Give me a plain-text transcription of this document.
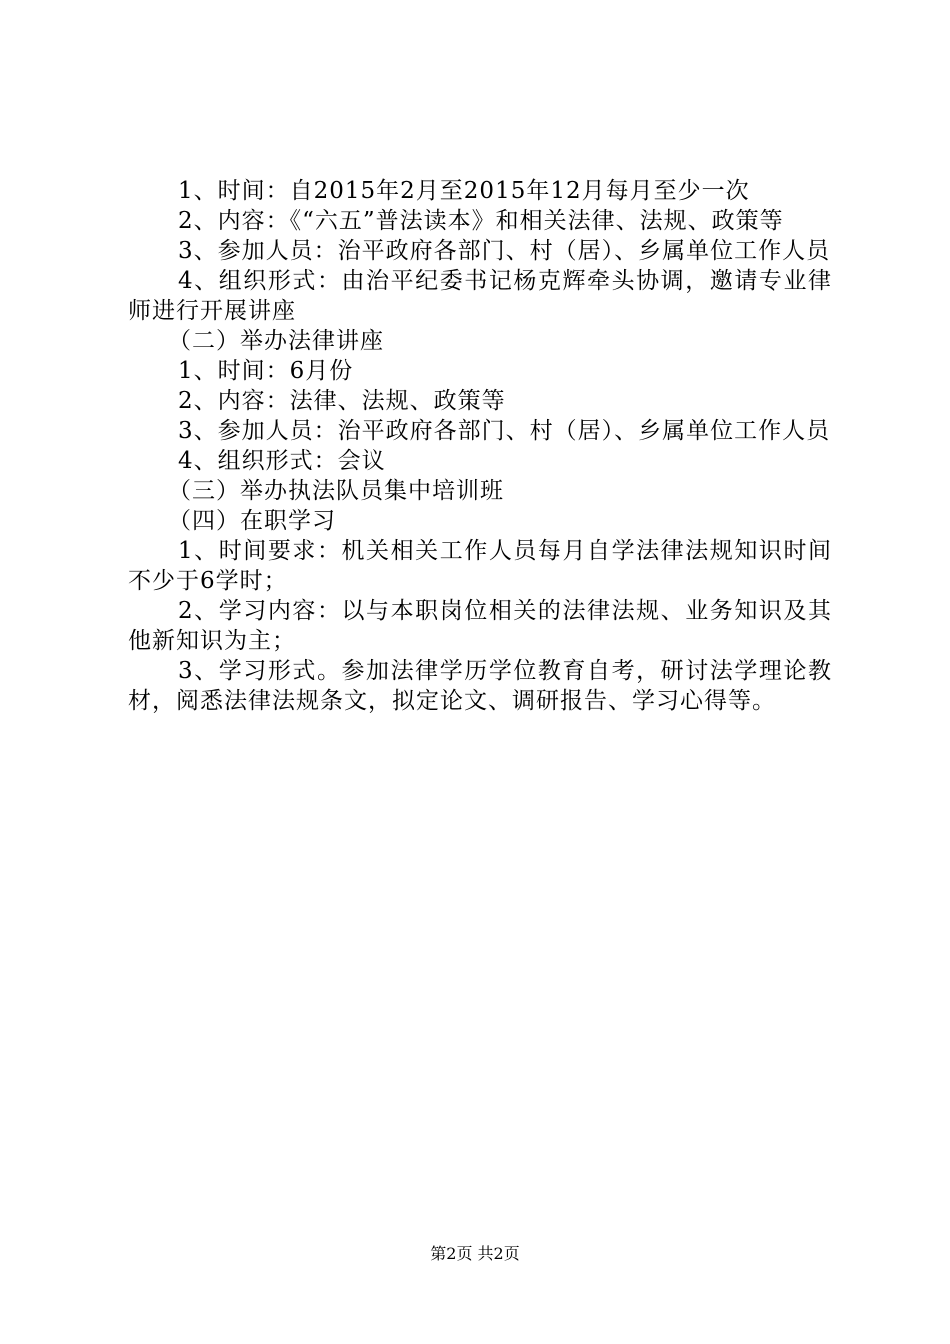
1、时间：自2015年2月至2015年12月每月至少一次

2、内容：《“六五”普法读本》和相关法律、法规、政策等

3、参加人员：治平政府各部门、村（居）、乡属单位工作人员

4、组织形式：由治平纪委书记杨克辉牵头协调，邀请专业律师进行开展讲座

（二）举办法律讲座

1、时间：6月份

2、内容：法律、法规、政策等

3、参加人员：治平政府各部门、村（居）、乡属单位工作人员

4、组织形式：会议

（三）举办执法队员集中培训班

（四）在职学习

1、时间要求：机关相关工作人员每月自学法律法规知识时间不少于6学时；

2、学习内容：以与本职岗位相关的法律法规、业务知识及其他新知识为主；

3、学习形式。参加法律学历学位教育自考，研讨法学理论教材，阅悉法律法规条文，拟定论文、调研报告、学习心得等。

第2页 共2页
